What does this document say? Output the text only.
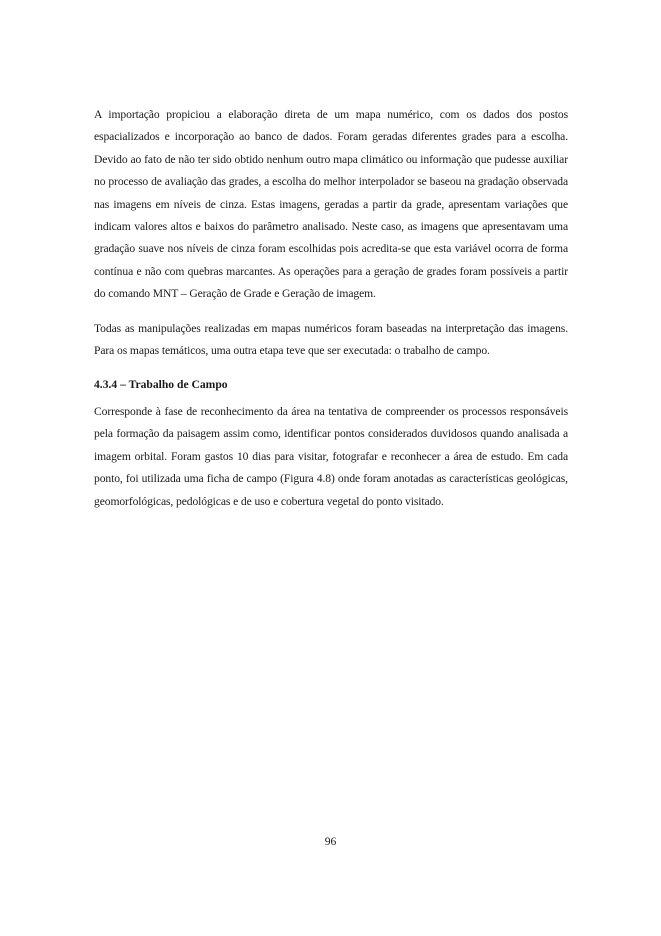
A importação propiciou a elaboração direta de um mapa numérico, com os dados dos postos espacializados e incorporação ao banco de dados. Foram geradas diferentes grades para a escolha. Devido ao fato de não ter sido obtido nenhum outro mapa climático ou informação que pudesse auxiliar no processo de avaliação das grades, a escolha do melhor interpolador se baseou na gradação observada nas imagens em níveis de cinza. Estas imagens, geradas a partir da grade, apresentam variações que indicam valores altos e baixos do parâmetro analisado. Neste caso, as imagens que apresentavam uma gradação suave nos níveis de cinza foram escolhidas pois acredita-se que esta variável ocorra de forma contínua e não com quebras marcantes. As operações para a geração de grades foram possíveis a partir do comando MNT – Geração de Grade e Geração de imagem.

Todas as manipulações realizadas em mapas numéricos foram baseadas na interpretação das imagens. Para os mapas temáticos, uma outra etapa teve que ser executada: o trabalho de campo.

4.3.4 – Trabalho de Campo

Corresponde à fase de reconhecimento da área na tentativa de compreender os processos responsáveis pela formação da paisagem assim como, identificar pontos considerados duvidosos quando analisada a imagem orbital. Foram gastos 10 dias para visitar, fotografar e reconhecer a área de estudo. Em cada ponto, foi utilizada uma ficha de campo (Figura 4.8) onde foram anotadas as características geológicas, geomorfológicas, pedológicas e de uso e cobertura vegetal do ponto visitado.

96
